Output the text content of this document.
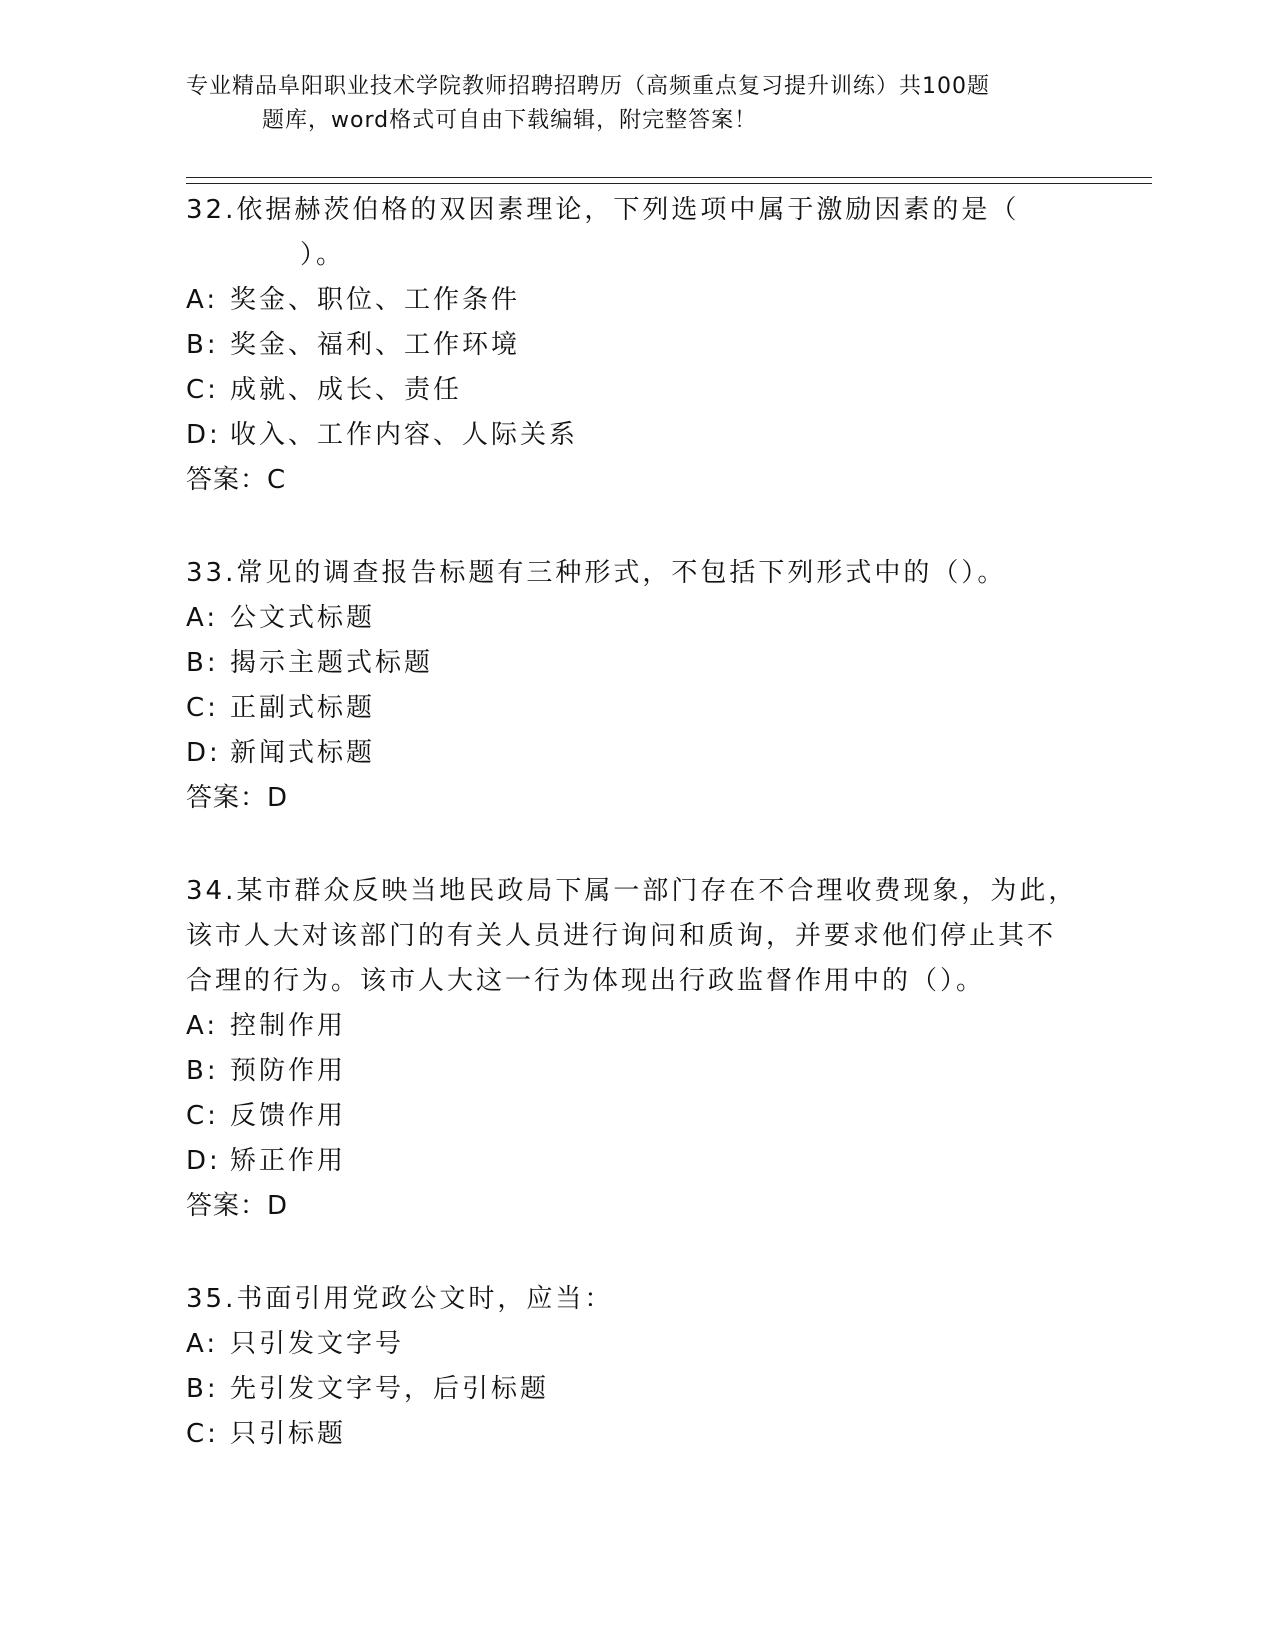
专业精品阜阳职业技术学院教师招聘招聘历（高频重点复习提升训练）共100题
题库，word格式可自由下载编辑，附完整答案！
32.依据赫茨伯格的双因素理论，下列选项中属于激励因素的是（
）。
A: 奖金、职位、工作条件
B: 奖金、福利、工作环境
C: 成就、成长、责任
D: 收入、工作内容、人际关系
答案：C
33.常见的调查报告标题有三种形式，不包括下列形式中的（）。
A: 公文式标题
B: 揭示主题式标题
C: 正副式标题
D: 新闻式标题
答案：D
34.某市群众反映当地民政局下属一部门存在不合理收费现象，为此，
该市人大对该部门的有关人员进行询问和质询，并要求他们停止其不
合理的行为。该市人大这一行为体现出行政监督作用中的（）。
A: 控制作用
B: 预防作用
C: 反馈作用
D: 矫正作用
答案：D
35.书面引用党政公文时，应当：
A: 只引发文字号
B: 先引发文字号，后引标题
C: 只引标题
